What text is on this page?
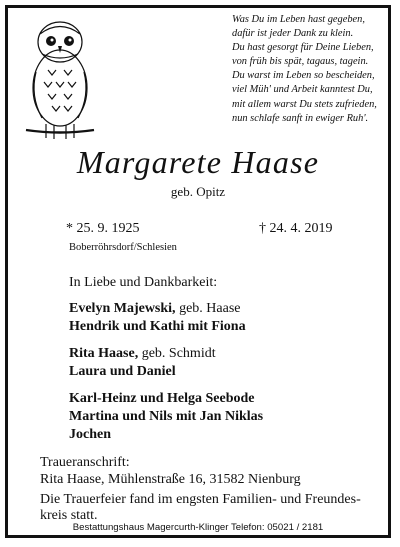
Was Du im Leben hast gegeben,
dafür ist jeder Dank zu klein.
Du hast gesorgt für Deine Lieben,
von früh bis spät, tagaus, tagein.
Du warst im Leben so bescheiden,
viel Müh' und Arbeit kanntest Du,
mit allem warst Du stets zufrieden,
nun schlafe sanft in ewiger Ruh'.
Margarete Haase
geb. Opitz
* 25. 9. 1925	† 24. 4. 2019
Boberröhrsdorf/Schlesien
In Liebe und Dankbarkeit:
Evelyn Majewski, geb. Haase
Hendrik und Kathi mit Fiona
Rita Haase, geb. Schmidt
Laura und Daniel
Karl-Heinz und Helga Seebode
Martina und Nils mit Jan Niklas
Jochen
Traueranschrift:
Rita Haase, Mühlenstraße 16, 31582 Nienburg
Die Trauerfeier fand im engsten Familien- und Freundes-kreis statt.
Bestattungshaus Magercurth-Klinger Telefon: 05021 / 2181
